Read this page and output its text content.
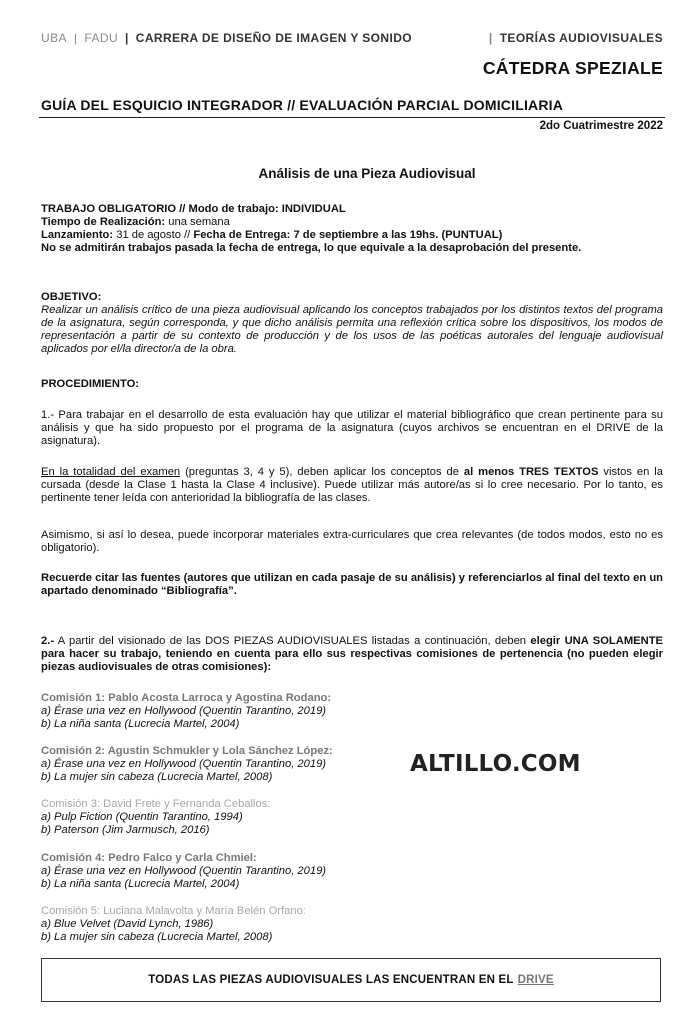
UBA | FADU | CARRERA DE DISEÑO DE IMAGEN Y SONIDO	| TEORÍAS AUDIOVISUALES
CÁTEDRA SPEZIALE
GUÍA DEL ESQUICIO INTEGRADOR // EVALUACIÓN PARCIAL DOMICILIARIA
2do Cuatrimestre 2022
Análisis de una Pieza Audiovisual
TRABAJO OBLIGATORIO // Modo de trabajo: INDIVIDUAL
Tiempo de Realización: una semana
Lanzamiento: 31 de agosto // Fecha de Entrega: 7 de septiembre a las 19hs. (PUNTUAL)
No se admitirán trabajos pasada la fecha de entrega, lo que equivale a la desaprobación del presente.
OBJETIVO:
Realizar un análisis crítico de una pieza audiovisual aplicando los conceptos trabajados por los distintos textos del programa de la asignatura, según corresponda, y que dicho análisis permita una reflexión crítica sobre los dispositivos, los modos de representación a partir de su contexto de producción y de los usos de las poéticas autorales del lenguaje audiovisual aplicados por el/la director/a de la obra.
PROCEDIMIENTO:
1.- Para trabajar en el desarrollo de esta evaluación hay que utilizar el material bibliográfico que crean pertinente para su análisis y que ha sido propuesto por el programa de la asignatura (cuyos archivos se encuentran en el DRIVE de la asignatura).
En la totalidad del examen (preguntas 3, 4 y 5), deben aplicar los conceptos de al menos TRES TEXTOS vistos en la cursada (desde la Clase 1 hasta la Clase 4 inclusive). Puede utilizar más autore/as si lo cree necesario. Por lo tanto, es pertinente tener leída con anterioridad la bibliografía de las clases.
Asimismo, si así lo desea, puede incorporar materiales extra-curriculares que crea relevantes (de todos modos, esto no es obligatorio).
Recuerde citar las fuentes (autores que utilizan en cada pasaje de su análisis) y referenciarlos al final del texto en un apartado denominado “Bibliografía”.
2.- A partir del visionado de las DOS PIEZAS AUDIOVISUALES listadas a continuación, deben elegir UNA SOLAMENTE para hacer su trabajo, teniendo en cuenta para ello sus respectivas comisiones de pertenencia (no pueden elegir piezas audiovisuales de otras comisiones):
Comisión 1: Pablo Acosta Larroca y Agostina Rodano:
a) Érase una vez en Hollywood (Quentin Tarantino, 2019)
b) La niña santa (Lucrecia Martel, 2004)
Comisión 2: Agustin Schmukler y Lola Sánchez López:
a) Érase una vez en Hollywood (Quentin Tarantino, 2019)
b) La mujer sin cabeza (Lucrecia Martel, 2008)
Comisión 3: David Frete y Fernanda Ceballos:
a) Pulp Fiction (Quentin Tarantino, 1994)
b) Paterson (Jim Jarmusch, 2016)
Comisión 4: Pedro Falco y Carla Chmiel:
a) Érase una vez en Hollywood (Quentin Tarantino, 2019)
b) La niña santa (Lucrecia Martel, 2004)
Comisión 5: Luciana Malavolta y María Belén Orfano:
a) Blue Velvet (David Lynch, 1986)
b) La mujer sin cabeza (Lucrecia Martel, 2008)
ALTILLO.COM
TODAS LAS PIEZAS AUDIOVISUALES LAS ENCUENTRAN EN EL DRIVE
